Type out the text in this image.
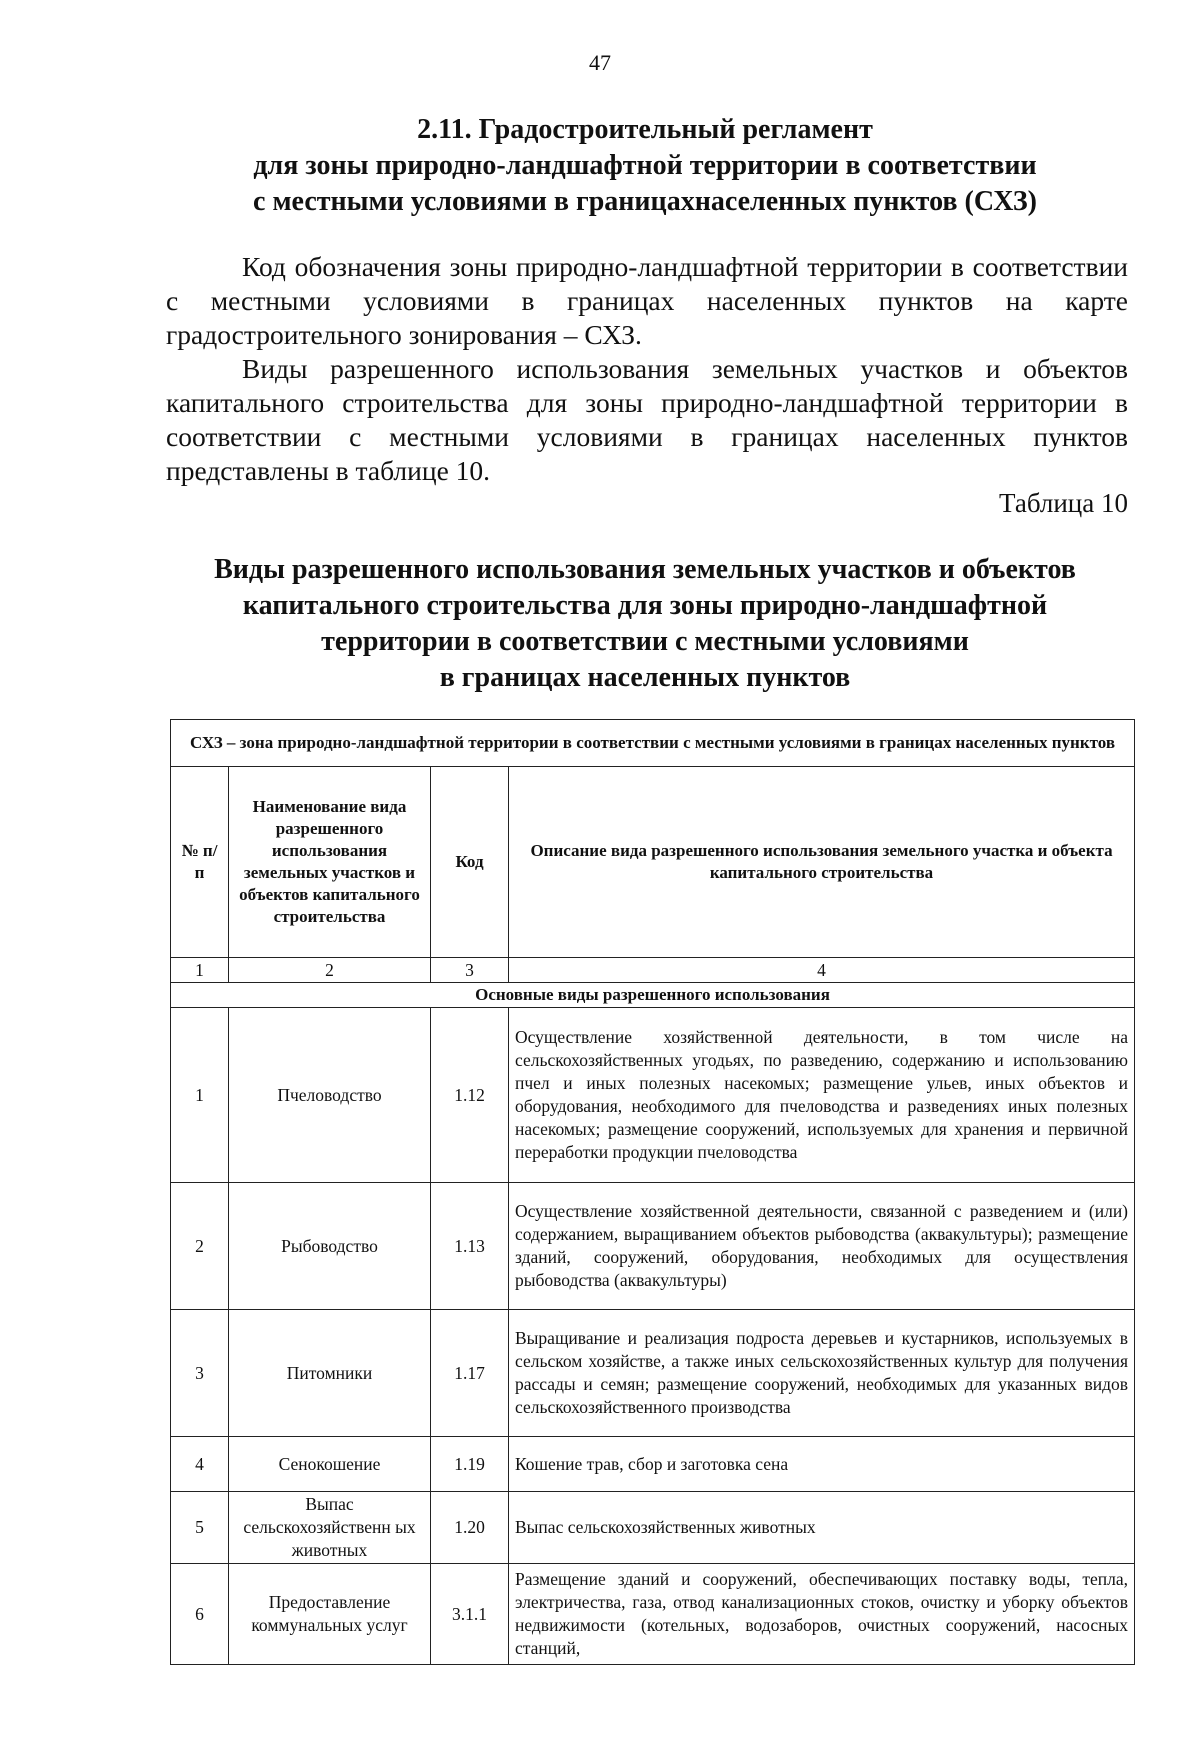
47
2.11. Градостроительный регламент
для зоны природно-ландшафтной территории в соответствии
с местными условиями в границахнаселенных пунктов (СХЗ)

Код обозначения зоны природно-ландшафтной территории в соответствии с местными условиями в границах населенных пунктов на карте градостроительного зонирования – СХЗ.

Виды разрешенного использования земельных участков и объектов капитального строительства для зоны природно-ландшафтной территории в соответствии с местными условиями в границах населенных пунктов представлены в таблице 10.

Таблица 10
Виды разрешенного использования земельных участков и объектов
капитального строительства для зоны природно-ландшафтной
территории в соответствии с местными условиями
в границах населенных пунктов
СХЗ – зона природно-ландшафтной территории в соответствии с местными условиями в границах населенных пунктов			
№ п/п	Наименование вида разрешенного использования земельных участков и объектов капитального строительства	Код	Описание вида разрешенного использования земельного участка и объекта капитального строительства
1	2	3	4
Основные виды разрешенного использования			
1	Пчеловодство	1.12	Осуществление хозяйственной деятельности, в том числе на сельскохозяйственных угодьях, по разведению, содержанию и использованию пчел и иных полезных насекомых; размещение ульев, иных объектов и оборудования, необходимого для пчеловодства и разведениях иных полезных насекомых; размещение сооружений, используемых для хранения и первичной переработки продукции пчеловодства
2	Рыбоводство	1.13	Осуществление хозяйственной деятельности, связанной с разведением и (или) содержанием, выращиванием объектов рыбоводства (аквакультуры); размещение зданий, сооружений, оборудования, необходимых для осуществления рыбоводства (аквакультуры)
3	Питомники	1.17	Выращивание и реализация подроста деревьев и кустарников, используемых в сельском хозяйстве, а также иных сельскохозяйственных культур для получения рассады и семян; размещение сооружений, необходимых для указанных видов сельскохозяйственного производства
4	Сенокошение	1.19	Кошение трав, сбор и заготовка сена
5	Выпас сельскохозяйственн ых животных	1.20	Выпас сельскохозяйственных животных
6	Предоставление коммунальных услуг	3.1.1	Размещение зданий и сооружений, обеспечивающих поставку воды, тепла, электричества, газа, отвод канализационных стоков, очистку и уборку объектов недвижимости (котельных, водозаборов, очистных сооружений, насосных станций,
